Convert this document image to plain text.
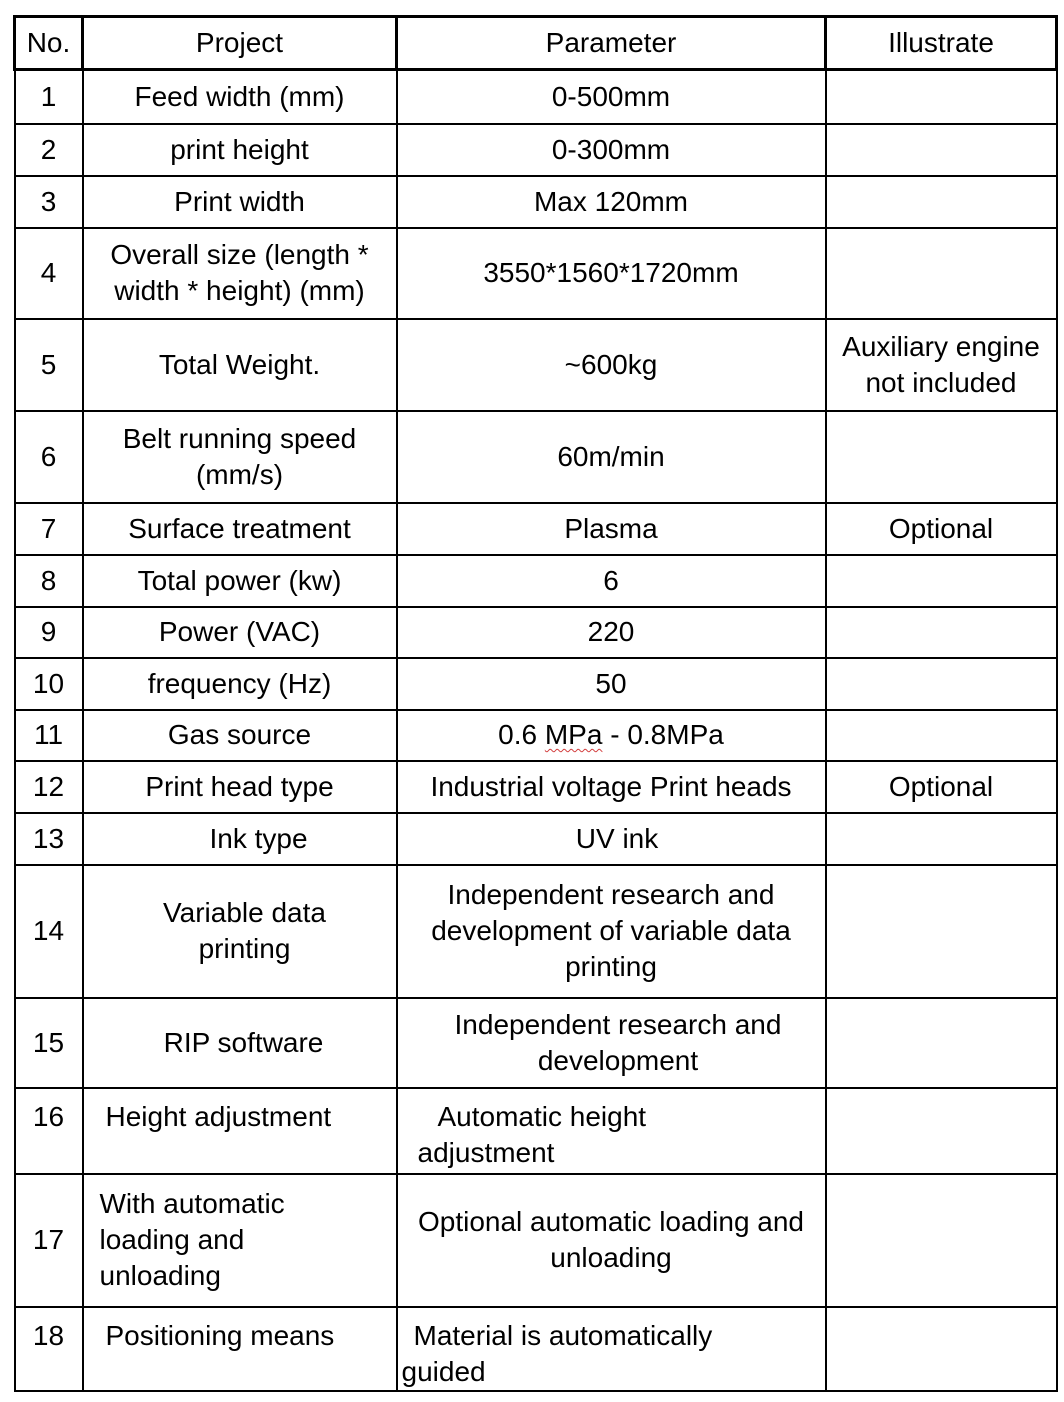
No.	Project	Parameter	Illustrate
1	Feed width (mm)	0-500mm	
2	print height	0-300mm	
3	Print width	Max 120mm	
4	Overall size (length * width * height) (mm)	3550*1560*1720mm	
5	Total Weight.	~600kg	Auxiliary engine not included
6	Belt running speed (mm/s)	60m/min	
7	Surface treatment	Plasma	Optional
8	Total power (kw)	6	
9	Power (VAC)	220	
10	frequency (Hz)	50	
11	Gas source	0.6 MPa - 0.8MPa	
12	Print head type	Industrial voltage Print heads	Optional
13	Ink type	UV ink	
14	Variable data printing	Independent research and development of variable data printing	
15	RIP software	Independent research and development	
16	Height adjustment	Automatic height adjustment	
17	With automatic loading and unloading	Optional automatic loading and unloading	
18	Positioning means	Material is automatically guided	
